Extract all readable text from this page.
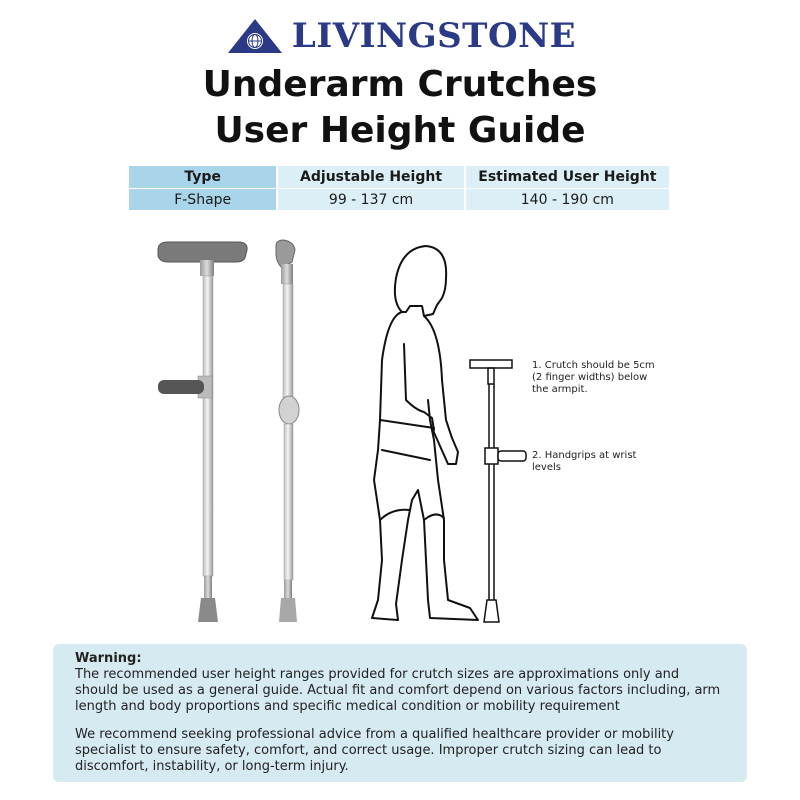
LIVINGSTONE
Underarm Crutches
User Height Guide
Type	Adjustable Height	Estimated User Height
F-Shape	99 - 137 cm	140 - 190 cm
1. Crutch should be 5cm (2 finger widths) below the armpit.
2. Handgrips at wrist levels
Warning:

The recommended user height ranges provided for crutch sizes are approximations only and should be used as a general guide. Actual fit and comfort depend on various factors including, arm length and body proportions and specific medical condition or mobility requirement

We recommend seeking professional advice from a qualified healthcare provider or mobility specialist to ensure safety, comfort, and correct usage. Improper crutch sizing can lead to discomfort, instability, or long-term injury.
